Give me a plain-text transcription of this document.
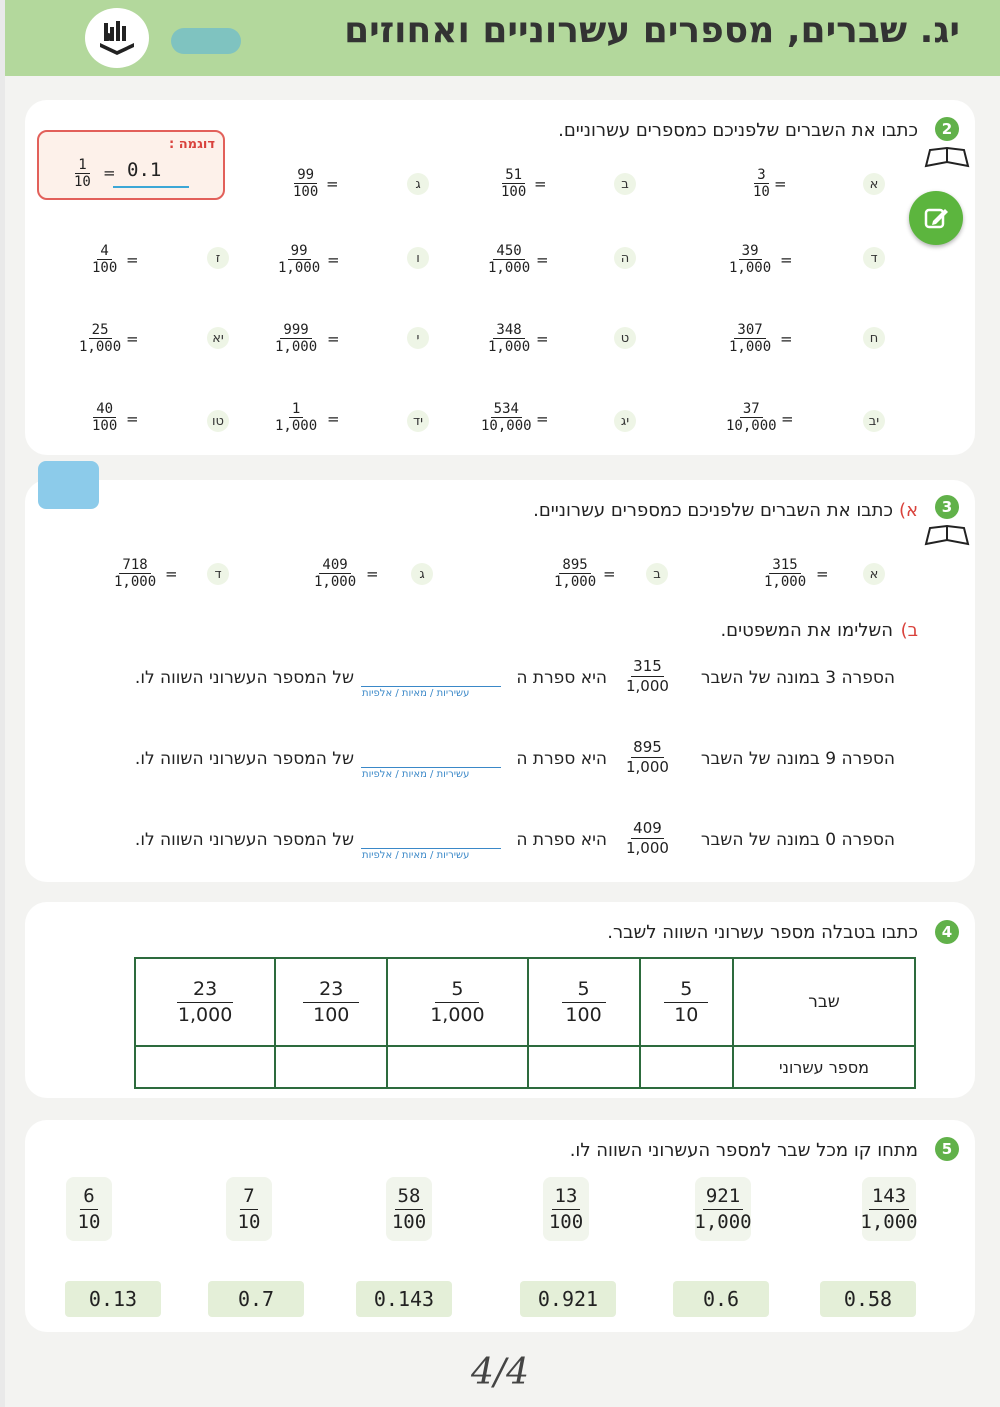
יג. שברים, מספרים עשרוניים ואחוזים
2
כתבו את השברים שלפניכם כמספרים עשרוניים.
דוגמה :
$\frac{1}{10} = 0.1$
א
$\frac{3}{10}$ =
ב
$\frac{51}{100}$ =
ג
$\frac{99}{100}$ =
ד
$\frac{39}{1,000}$ =
ה
$\frac{450}{1,000}$ =
ו
$\frac{99}{1,000}$ =
ז
$\frac{4}{100}$ =
ח
$\frac{307}{1,000}$ =
ט
$\frac{348}{1,000}$ =
י
$\frac{999}{1,000}$ =
יא
$\frac{25}{1,000}$ =
יב
$\frac{37}{10,000}$ =
יג
$\frac{534}{10,000}$ =
יד
$\frac{1}{1,000}$ =
טו
$\frac{40}{100}$ =
3
א)
כתבו את השברים שלפניכם כמספרים עשרוניים.
א
$\frac{315}{1,000}$ =
ב
$\frac{895}{1,000}$ =
ג
$\frac{409}{1,000}$ =
ד
$\frac{718}{1,000}$ =
ב)
השלימו את המשפטים.
הספרה 3 במונה של השבר
$\frac{315}{1,000}$
היא ספרת ה
עשיריות / מאיות / אלפיות
של המספר העשרוני השווה לו.
הספרה 9 במונה של השבר
$\frac{895}{1,000}$
היא ספרת ה
עשיריות / מאיות / אלפיות
של המספר העשרוני השווה לו.
הספרה 0 במונה של השבר
$\frac{409}{1,000}$
היא ספרת ה
עשיריות / מאיות / אלפיות
של המספר העשרוני השווה לו.
4
כתבו בטבלה מספר עשרוני השווה לשבר.
$\frac{23}{1,000}$	$\frac{23}{100}$	$\frac{5}{1,000}$	$\frac{5}{100}$	$\frac{5}{10}$	שבר
					מספר עשרוני
5
מתחו קו מכל שבר למספר העשרוני השווה לו.
$\frac{143}{1,000}$
$\frac{921}{1,000}$
$\frac{13}{100}$
$\frac{58}{100}$
$\frac{7}{10}$
$\frac{6}{10}$
0.58
0.6
0.921
0.143
0.7
0.13
4/4
